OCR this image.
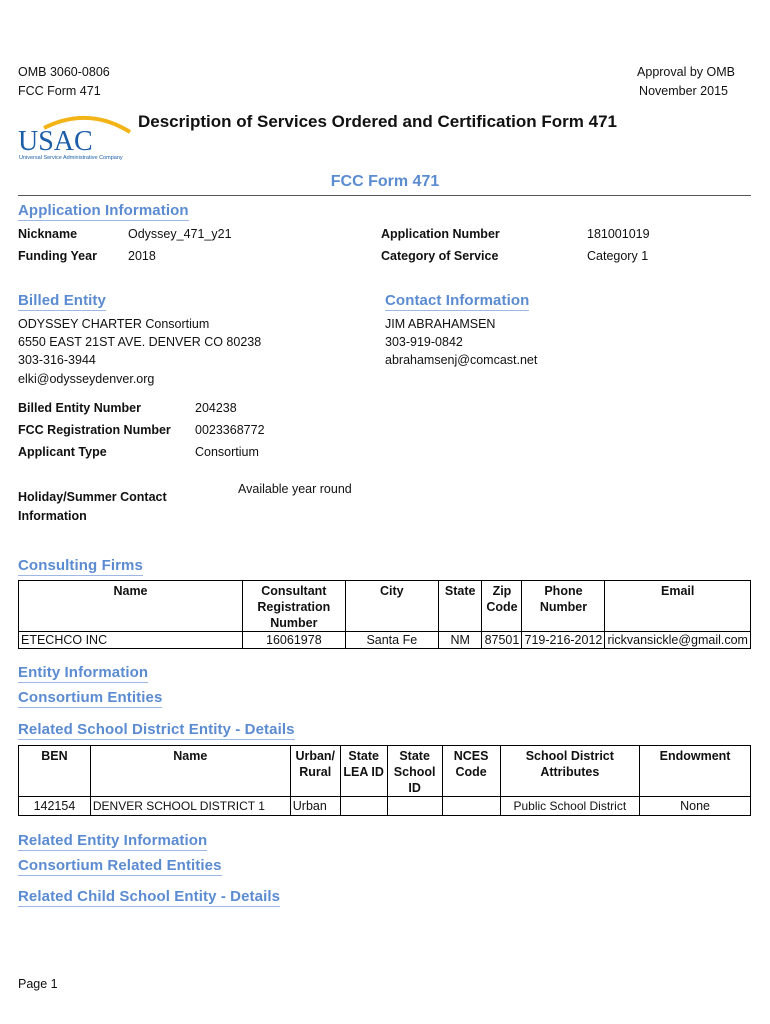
OMB 3060-0806
FCC Form 471
Approval by OMB
November 2015
USAC
Universal Service Administrative Company
Description of Services Ordered and Certification Form 471
FCC Form 471
Application Information
Nickname	Odyssey_471_y21
Funding Year 2018
Application Number	181001019
Category of Service	Category 1
Billed Entity
ODYSSEY CHARTER Consortium
6550 EAST 21ST AVE. DENVER CO 80238
303-316-3944
elki@odysseydenver.org
Contact Information
JIM ABRAHAMSEN
303-919-0842
abrahamsenj@comcast.net
Billed Entity Number	204238
FCC Registration Number 0023368772
Applicant Type	Consortium
Holiday/Summer Contact
Information
Available year round
Consulting Firms
Name	Consultant Registration Number	City	State	Zip Code	Phone Number	Email
ETECHCO INC	16061978	Santa Fe	NM	87501	719-216-2012	rickvansickle@gmail.com
Entity Information
Consortium Entities
Related School District Entity - Details
BEN	Name	Urban/ Rural	State LEA ID	State School ID	NCES Code	School District Attributes	Endowment
142154	DENVER SCHOOL DISTRICT 1	Urban				Public School District	None
Related Entity Information
Consortium Related Entities
Related Child School Entity - Details
Page 1
